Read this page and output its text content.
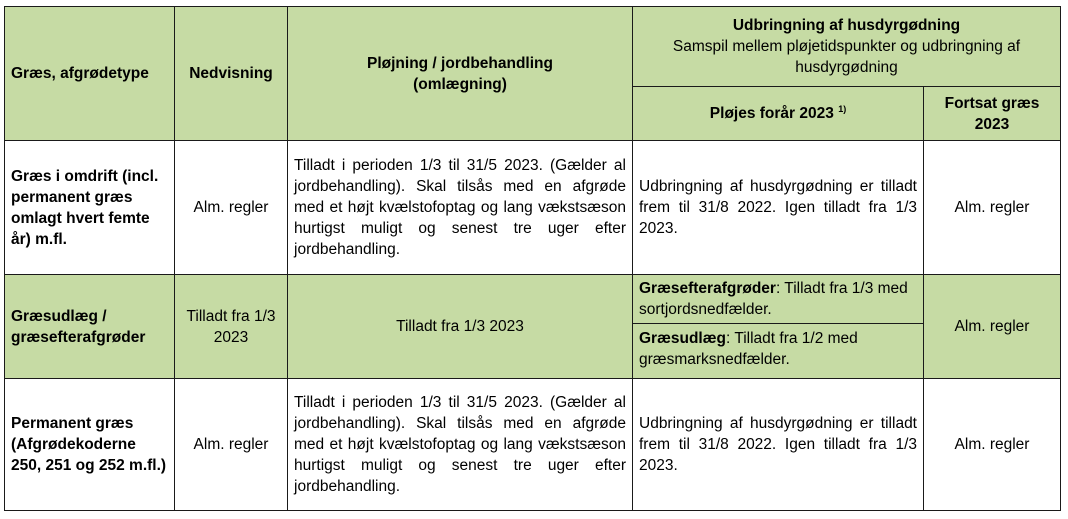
Græs, afgrødetype	Nedvisning	Pløjning / jordbehandling (omlægning)	Udbringning af husdyrgødning
Samspil mellem pløjetidspunkter og udbringning af husdyrgødning	

			Pløjes forår 2023 $^{1)}$	Fortsat græs 2023
Græs i omdrift (incl. permanent græs omlagt hvert femte år) m.fl.	Alm. regler	Tilladt i perioden 1/3 til 31/5 2023. (Gælder al jordbehandling). Skal tilsås med en afgrøde med et højt kvælstofoptag og lang vækstsæson hurtigst muligt og senest tre uger efter jordbehandling.	Udbringning af husdyrgødning er tilladt frem til 31/8 2022. Igen tilladt fra 1/3 2023.	Alm. regler
Græsudlæg / græsefterafgrøder	Tilladt fra 1/3 2023	Tilladt fra 1/3 2023	Græsefterafgrøder: Tilladt fra 1/3 med sortjordsnedfælder.
Græsudlæg: Tilladt fra 1/2 med græsmarksnedfælder.	Alm. regler
Permanent græs (Afgrødekoderne 250, 251 og 252 m.fl.)	Alm. regler	Tilladt i perioden 1/3 til 31/5 2023. (Gælder al jordbehandling). Skal tilsås med en afgrøde med et højt kvælstofoptag og lang vækstsæson hurtigst muligt og senest tre uger efter jordbehandling.	Udbringning af husdyrgødning er tilladt frem til 31/8 2022. Igen tilladt fra 1/3 2023.	Alm. regler
